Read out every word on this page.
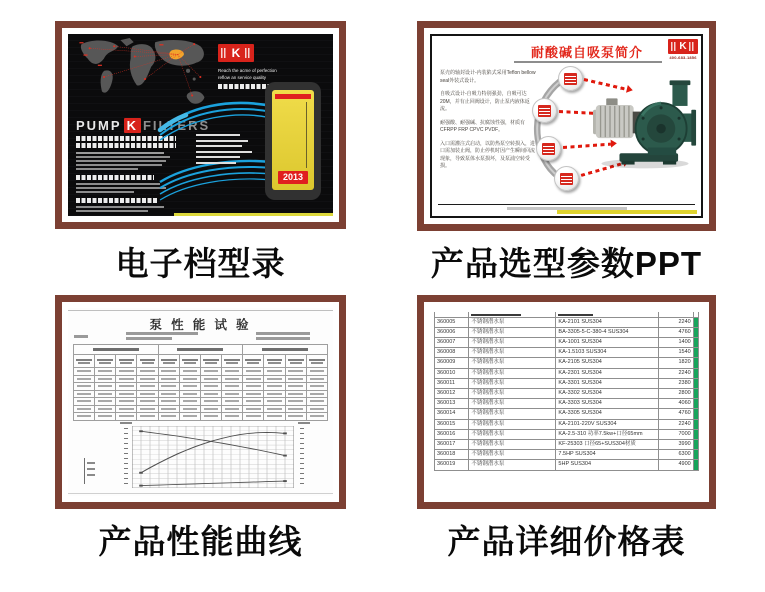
K
Reach the acme of perfection
reflow an service quality
PUMP K FILTERS
2013
电子档型录
耐酸碱自吸泵简介	K
400-683-1856

泵壳的轴封设计-内装陷式采用Teflon bellow seal外装式设计。

自吸式设计-自吸力特别强劲，自吸可达20M，并有止回阀设计，防止泵内液体返流。

耐强酸、耐强碱、抗腐蚀性强，材质有CFRPP FRP CPVC PVDF。

入口需灌注式启动，以防热泵空转损入，进口需加装止阀，防止停机时因产生瞬间回流现象，导致泵体水泵损坏，及泵浦空转受损。

产品选型参数PPT
泵 性 能 试 验

产品性能曲线

360005	不锈钢潜水泵	KA-2101 SUS304	2240	
360006	不锈钢潜水泵	BA-3305-5-C-380-4 SUS304	4760	
360007	不锈钢潜水泵	KA-1001 SUS304	1400	
360008	不锈钢潜水泵	KA-1.5103 SUS304	1540	
360009	不锈钢潜水泵	KA-2105 SUS304	1820	
360010	不锈钢潜水泵	KA-2301 SUS304	2240	
360011	不锈钢潜水泵	KA-3301 SUS304	2380	
360012	不锈钢潜水泵	KA-3302 SUS304	2800	
360013	不锈钢潜水泵	KA-3303 SUS304	4060	
360014	不锈钢潜水泵	KA-3305 SUS304	4760	
360015	不锈钢潜水泵	KA-2101-220V SUS304	2240	
360016	不锈钢潜水泵	KA-2.5-310 功率7.5kw+口径65mm	7000	
360017	不锈钢潜水泵	KF-25303 口径65+SUS304材质	3990	
360018	不锈钢潜水泵	7.5HP SUS304	6300	
360019	不锈钢潜水泵	5HP SUS304	4900	
产品详细价格表
